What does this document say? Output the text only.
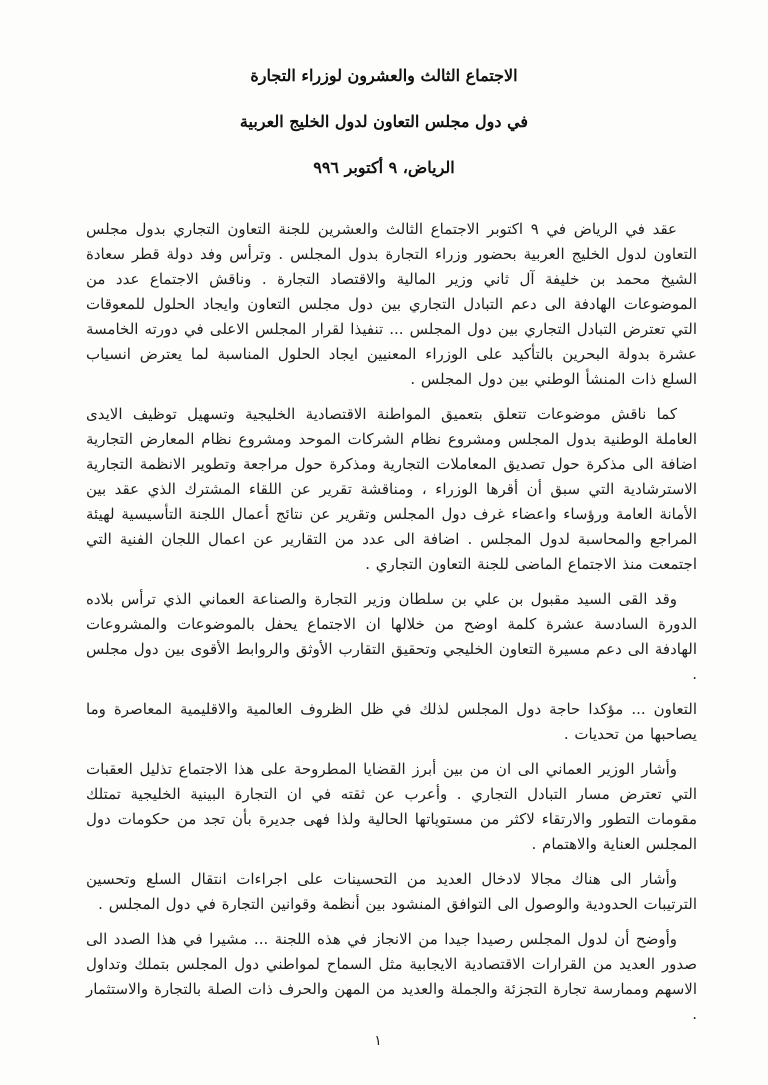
الاجتماع الثالث والعشرون لوزراء التجارة
في دول مجلس التعاون لدول الخليج العربية
الرياض، ٩ أكتوبر ٩٩٦

عقد في الرياض في ٩ اكتوبر الاجتماع الثالث والعشرين للجنة التعاون التجاري بدول مجلس التعاون لدول الخليج العربية بحضور وزراء التجارة بدول المجلس . وترأس وفد دولة قطر سعادة الشيخ محمد بن خليفة آل ثاني وزير المالية والاقتصاد التجارة . وناقش الاجتماع عدد من الموضوعات الهادفة الى دعم التبادل التجاري بين دول مجلس التعاون وايجاد الحلول للمعوقات التي تعترض التبادل التجاري بين دول المجلس ... تنفيذا لقرار المجلس الاعلى في دورته الخامسة عشرة بدولة البحرين بالتأكيد على الوزراء المعنيين ايجاد الحلول المناسبة لما يعترض انسياب السلع ذات المنشأ الوطني بين دول المجلس .

كما ناقش موضوعات تتعلق بتعميق المواطنة الاقتصادية الخليجية وتسهيل توظيف الايدى العاملة الوطنية بدول المجلس ومشروع نظام الشركات الموحد ومشروع نظام المعارض التجارية اضافة الى مذكرة حول تصديق المعاملات التجارية ومذكرة حول مراجعة وتطوير الانظمة التجارية الاسترشادية التي سبق أن أقرها الوزراء ، ومناقشة تقرير عن اللقاء المشترك الذي عقد بين الأمانة العامة ورؤساء واعضاء غرف دول المجلس وتقرير عن نتائج أعمال اللجنة التأسيسية لهيئة المراجع والمحاسبة لدول المجلس . اضافة الى عدد من التقارير عن اعمال اللجان الفنية التي اجتمعت منذ الاجتماع الماضى للجنة التعاون التجاري .

وقد القى السيد مقبول بن علي بن سلطان وزير التجارة والصناعة العماني الذي ترأس بلاده الدورة السادسة عشرة كلمة اوضح من خلالها ان الاجتماع يحفل بالموضوعات والمشروعات الهادفة الى دعم مسيرة التعاون الخليجي وتحقيق التقارب الأوثق والروابط الأقوى بين دول مجلس .

التعاون ... مؤكدا حاجة دول المجلس لذلك في ظل الظروف العالمية والاقليمية المعاصرة وما يصاحبها من تحديات .

وأشار الوزير العماني الى ان من بين أبرز القضايا المطروحة على هذا الاجتماع تذليل العقبات التي تعترض مسار التبادل التجاري . وأعرب عن ثقته في ان التجارة البينية الخليجية تمتلك مقومات التطور والارتقاء لاكثر من مستوياتها الحالية ولذا فهى جديرة بأن تجد من حكومات دول المجلس العناية والاهتمام .

وأشار الى هناك مجالا لادخال العديد من التحسينات على اجراءات انتقال السلع وتحسين الترتيبات الحدودية والوصول الى التوافق المنشود بين أنظمة وقوانين التجارة في دول المجلس .

وأوضح أن لدول المجلس رصيدا جيدا من الانجاز في هذه اللجنة ... مشيرا في هذا الصدد الى صدور العديد من القرارات الاقتصادية الايجابية مثل السماح لمواطني دول المجلس بتملك وتداول الاسهم وممارسة تجارة التجزئة والجملة والعديد من المهن والحرف ذات الصلة بالتجارة والاستثمار .

١
